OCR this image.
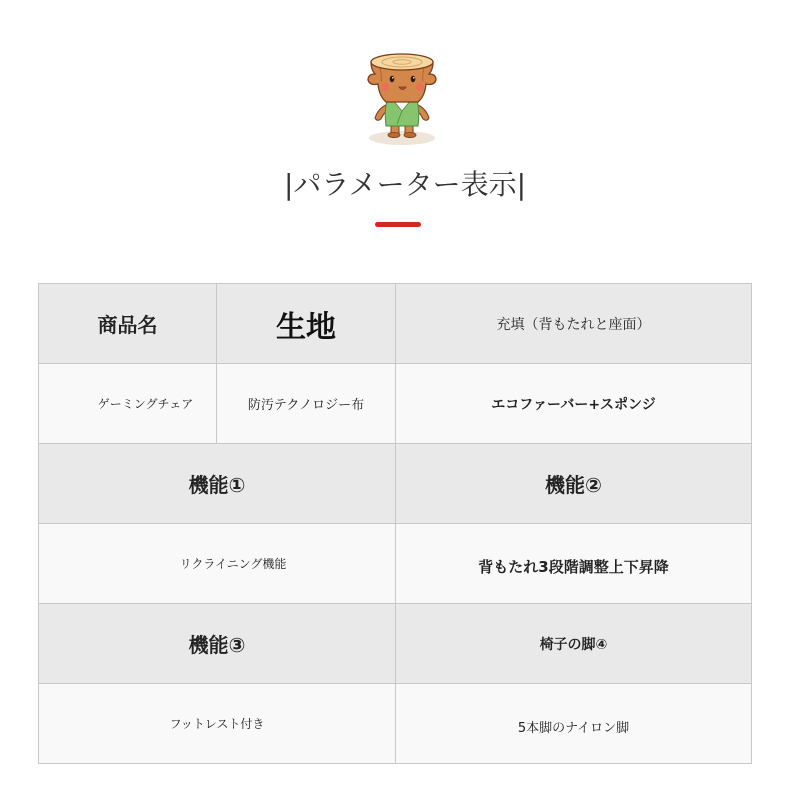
|パラメーター表示|
商品名	生地	充填（背もたれと座面）
ゲーミングチェア	防汚テクノロジー布	エコファーバー+スポンジ
機能①	機能②
リクライニング機能	背もたれ3段階調整上下昇降
機能③	椅子の脚④
フットレスト付き	5本脚のナイロン脚
